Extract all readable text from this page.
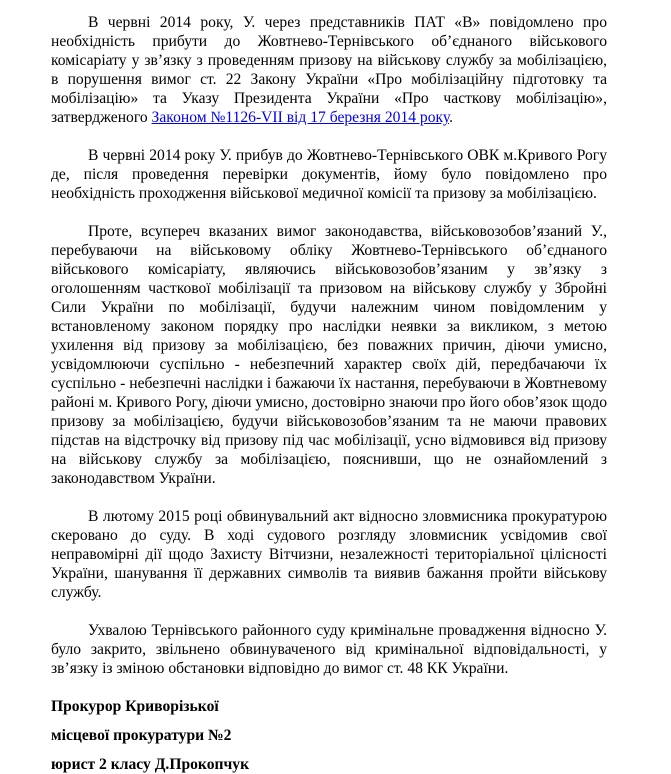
В червні 2014 року, У. через представників ПАТ «В» повідомлено про необхідність прибути до Жовтнево-Тернівського об’єднаного військового комісаріату у зв’язку з проведенням призову на військову службу за мобілізацією, в порушення вимог ст. 22 Закону України «Про мобілізаційну підготовку та мобілізацію» та Указу Президента України «Про часткову мобілізацію», затвердженого Законом №1126-VII від 17 березня 2014 року.

В червні 2014 року У. прибув до Жовтнево-Тернівського ОВК м.Кривого Рогу де, після проведення перевірки документів, йому було повідомлено про необхідність проходження військової медичної комісії та призову за мобілізацією.

Проте, всупереч вказаних вимог законодавства, військовозобов’язаний У., перебуваючи на військовому обліку Жовтнево-Тернівського об’єднаного військового комісаріату, являючись військовозобов’язаним у зв’язку з оголошенням часткової мобілізації та призовом на військову службу у Збройні Сили України по мобілізації, будучи належним чином повідомленим у встановленому законом порядку про наслідки неявки за викликом, з метою ухилення від призову за мобілізацією, без поважних причин, діючи умисно, усвідомлюючи суспільно - небезпечний характер своїх дій, передбачаючи їх суспільно - небезпечні наслідки і бажаючи їх настання, перебуваючи в Жовтневому районі м. Кривого Рогу, діючи умисно, достовірно знаючи про його обов’язок щодо призову за мобілізацією, будучи військовозобов’язаним та не маючи правових підстав на відстрочку від призову під час мобілізації, усно відмовився від призову на військову службу за мобілізацією, пояснивши, що не ознайомлений з законодавством України.

В лютому 2015 році обвинувальний акт відносно зловмисника прокуратурою скеровано до суду. В ході судового розгляду зловмисник усвідомив свої неправомірні дії щодо Захисту Вітчизни, незалежності територіальної цілісності України, шанування її державних символів та виявив бажання пройти військову службу.

Ухвалою Тернівського районного суду кримінальне провадження відносно У. було закрито, звільнено обвинуваченого від кримінальної відповідальності, у зв’язку із зміною обстановки відповідно до вимог ст. 48 КК України.

Прокурор Криворізької

місцевої прокуратури №2

юрист 2 класу Д.Прокопчук
